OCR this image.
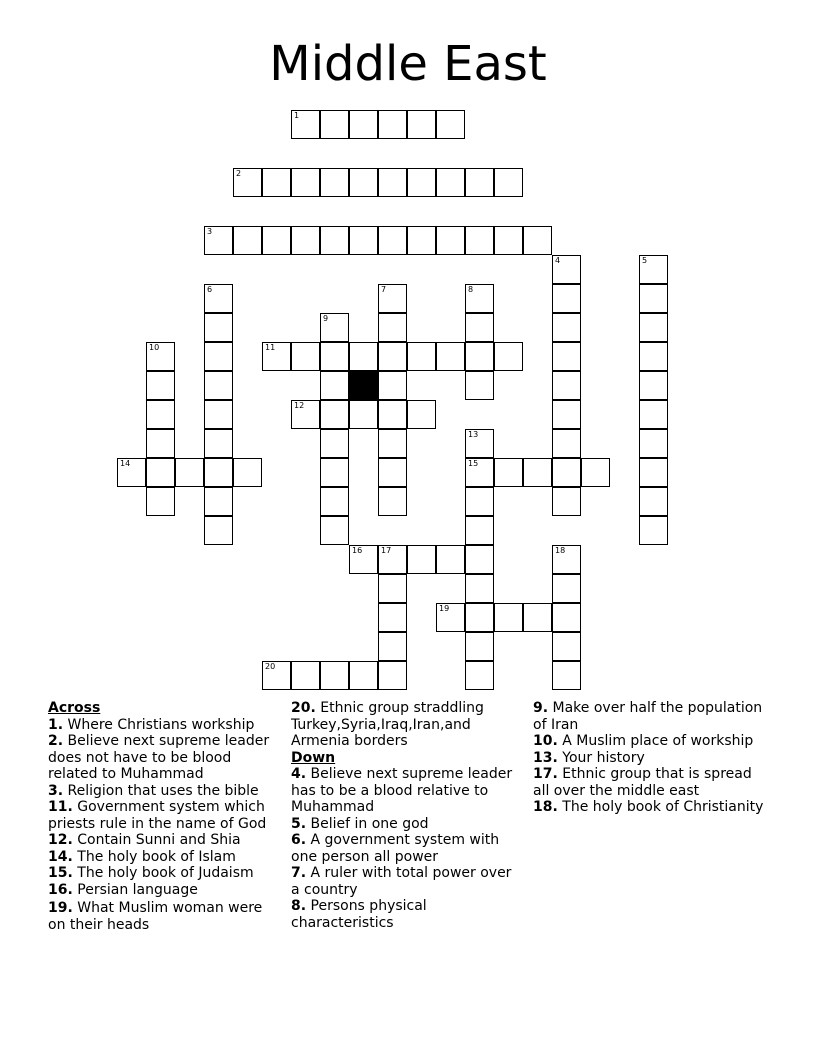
Middle East
1
2
3
11
12
14	15
16 17
19
20
4	5
6	7	8
9
10
13
18
Across
1. Where Christians workship
2. Believe next supreme leader does not have to be blood related to Muhammad
3. Religion that uses the bible
11. Government system which priests rule in the name of God
12. Contain Sunni and Shia
14. The holy book of Islam
15. The holy book of Judaism
16. Persian language
19. What Muslim woman were on their heads
20. Ethnic group straddling Turkey,Syria,Iraq,Iran,and Armenia borders
Down
4. Believe next supreme leader has to be a blood relative to Muhammad
5. Belief in one god
6. A government system with one person all power
7. A ruler with total power over a country
8. Persons physical characteristics
9. Make over half the population of Iran
10. A Muslim place of workship
13. Your history
17. Ethnic group that is spread all over the middle east
18. The holy book of Christianity
